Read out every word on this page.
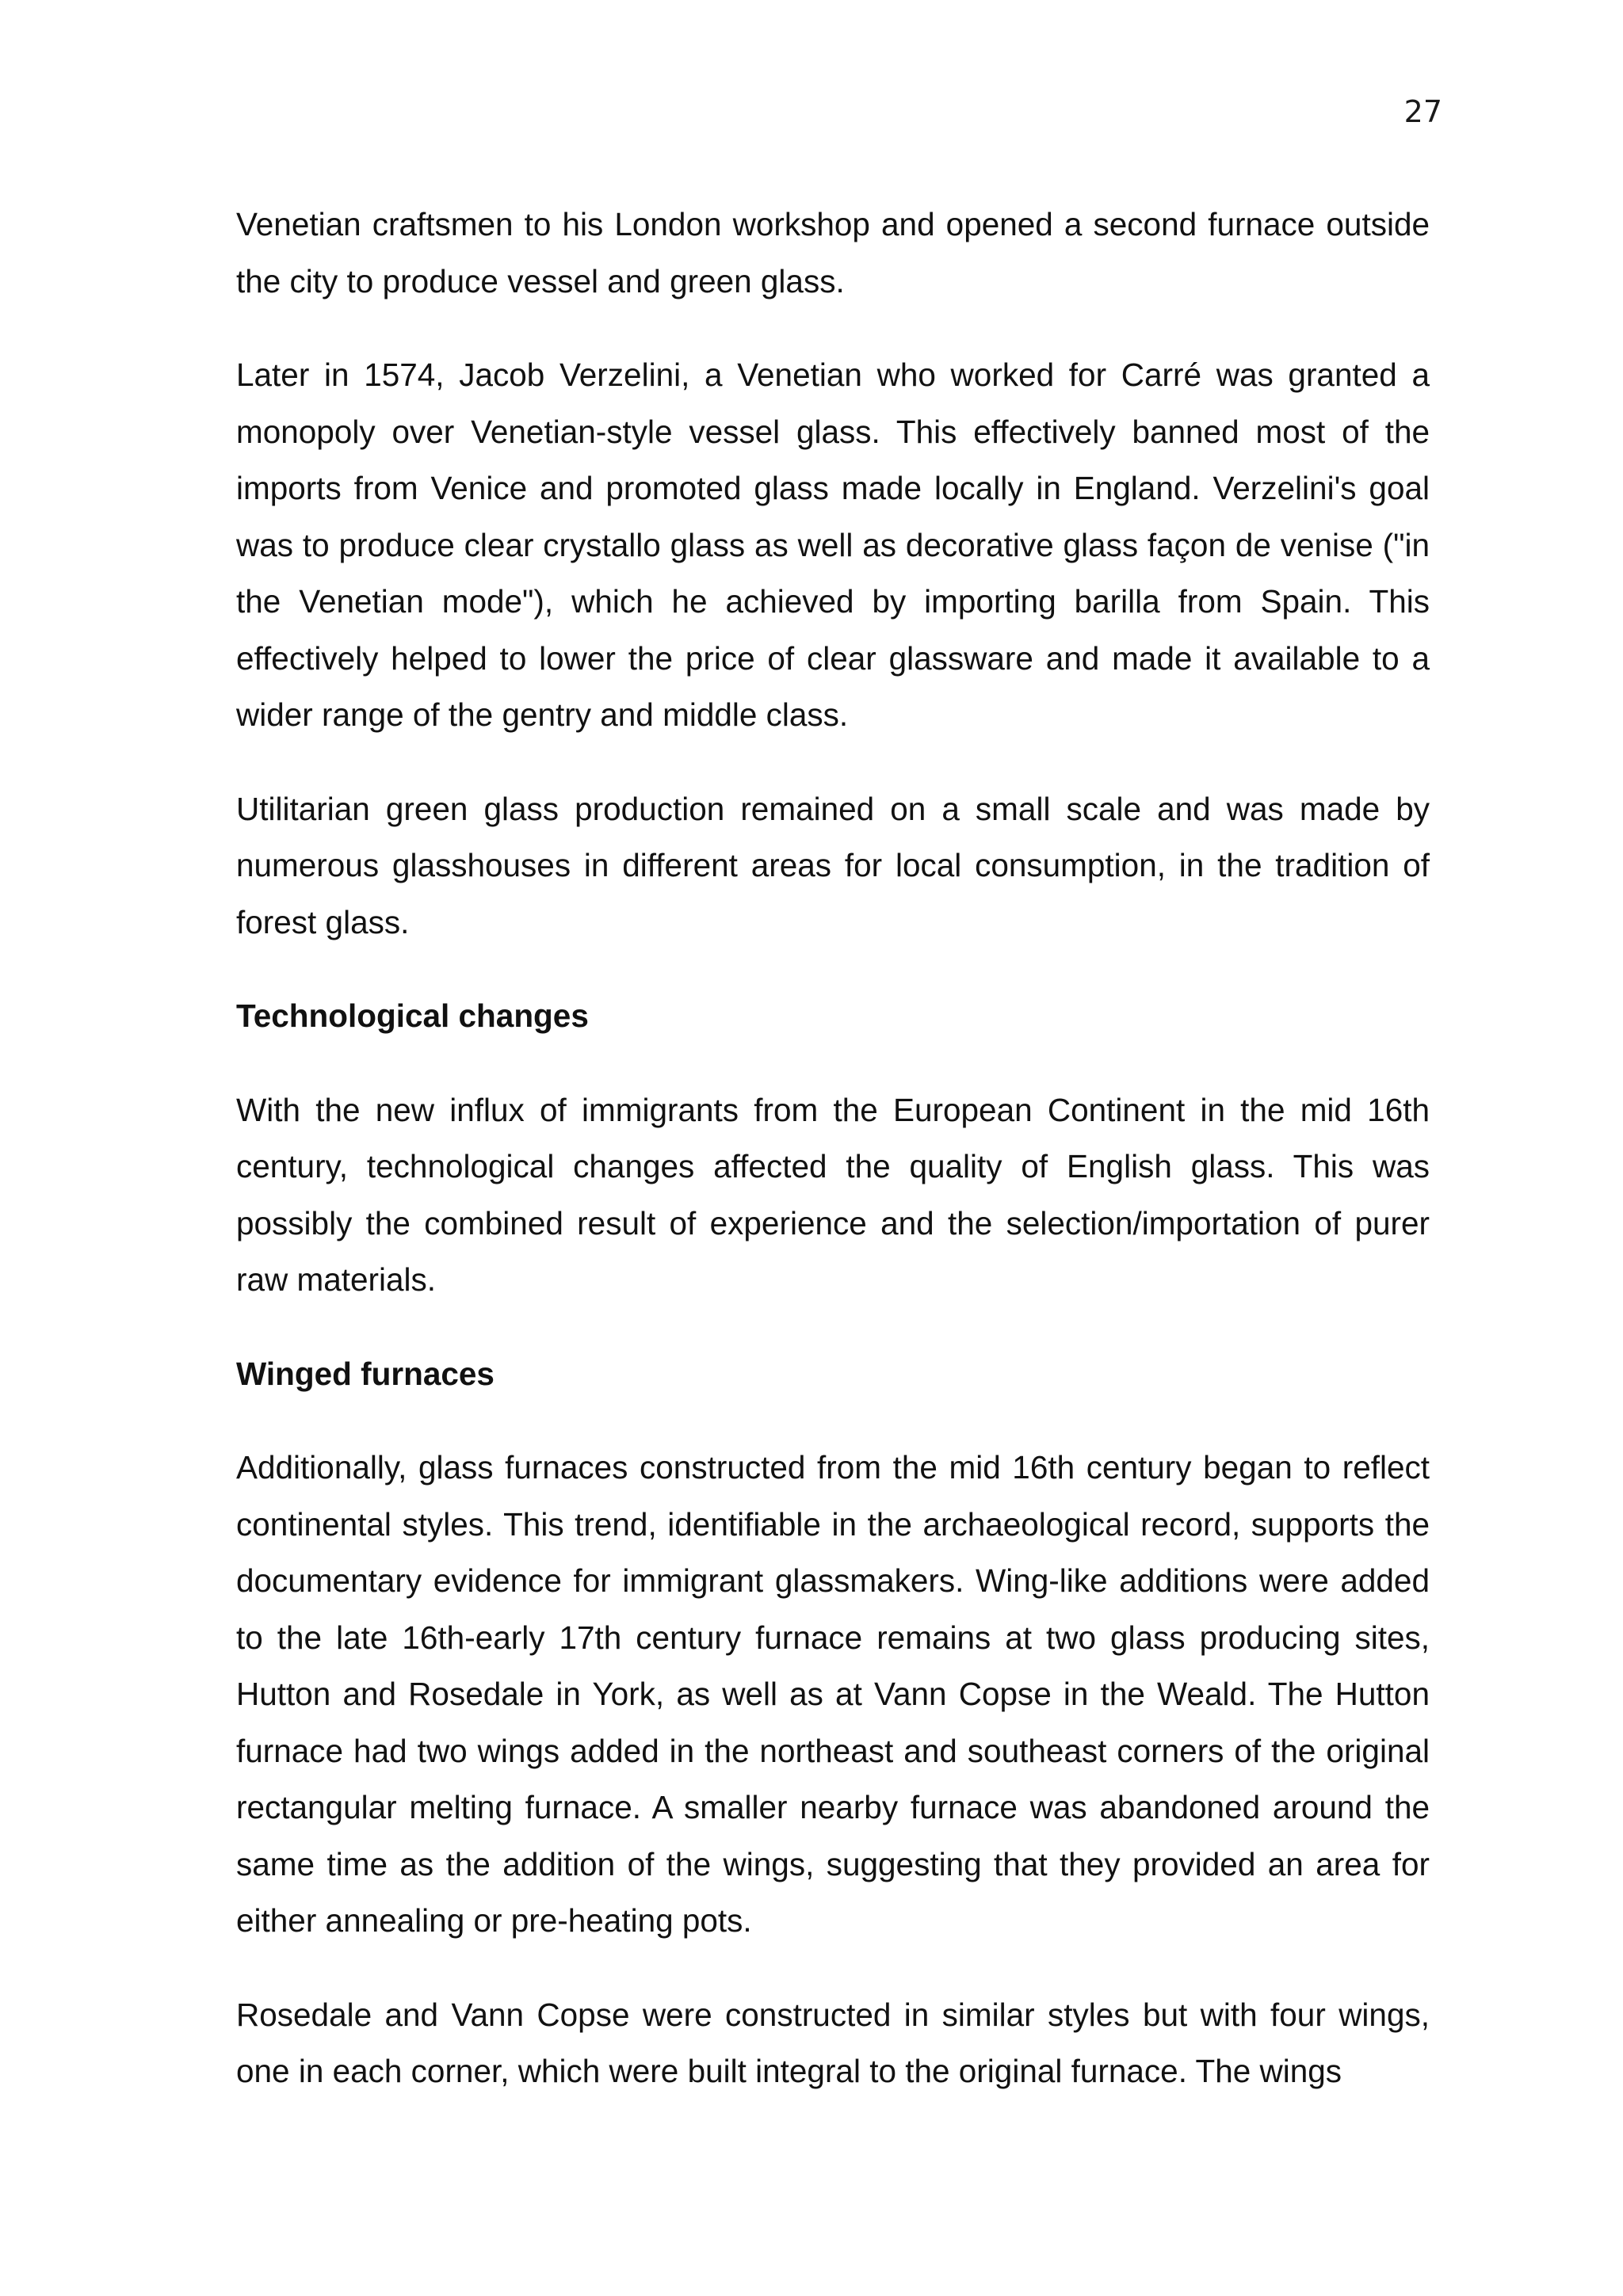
27

Venetian craftsmen to his London workshop and opened a second furnace outside the city to produce vessel and green glass.

Later in 1574, Jacob Verzelini, a Venetian who worked for Carré was granted a monopoly over Venetian-style vessel glass. This effectively banned most of the imports from Venice and promoted glass made locally in England. Verzelini's goal was to produce clear crystallo glass as well as decorative glass façon de venise ("in the Venetian mode"), which he achieved by importing barilla from Spain. This effectively helped to lower the price of clear glassware and made it available to a wider range of the gentry and middle class.

Utilitarian green glass production remained on a small scale and was made by numerous glasshouses in different areas for local consumption, in the tradition of forest glass.

Technological changes

With the new influx of immigrants from the European Continent in the mid 16th century, technological changes affected the quality of English glass. This was possibly the combined result of experience and the selection/importation of purer raw materials.

Winged furnaces

Additionally, glass furnaces constructed from the mid 16th century began to reflect continental styles. This trend, identifiable in the archaeological record, supports the documentary evidence for immigrant glassmakers. Wing-like additions were added to the late 16th-early 17th century furnace remains at two glass producing sites, Hutton and Rosedale in York, as well as at Vann Copse in the Weald. The Hutton furnace had two wings added in the northeast and southeast corners of the original rectangular melting furnace. A smaller nearby furnace was abandoned around the same time as the addition of the wings, suggesting that they provided an area for either annealing or pre-heating pots.

Rosedale and Vann Copse were constructed in similar styles but with four wings, one in each corner, which were built integral to the original furnace. The wings
